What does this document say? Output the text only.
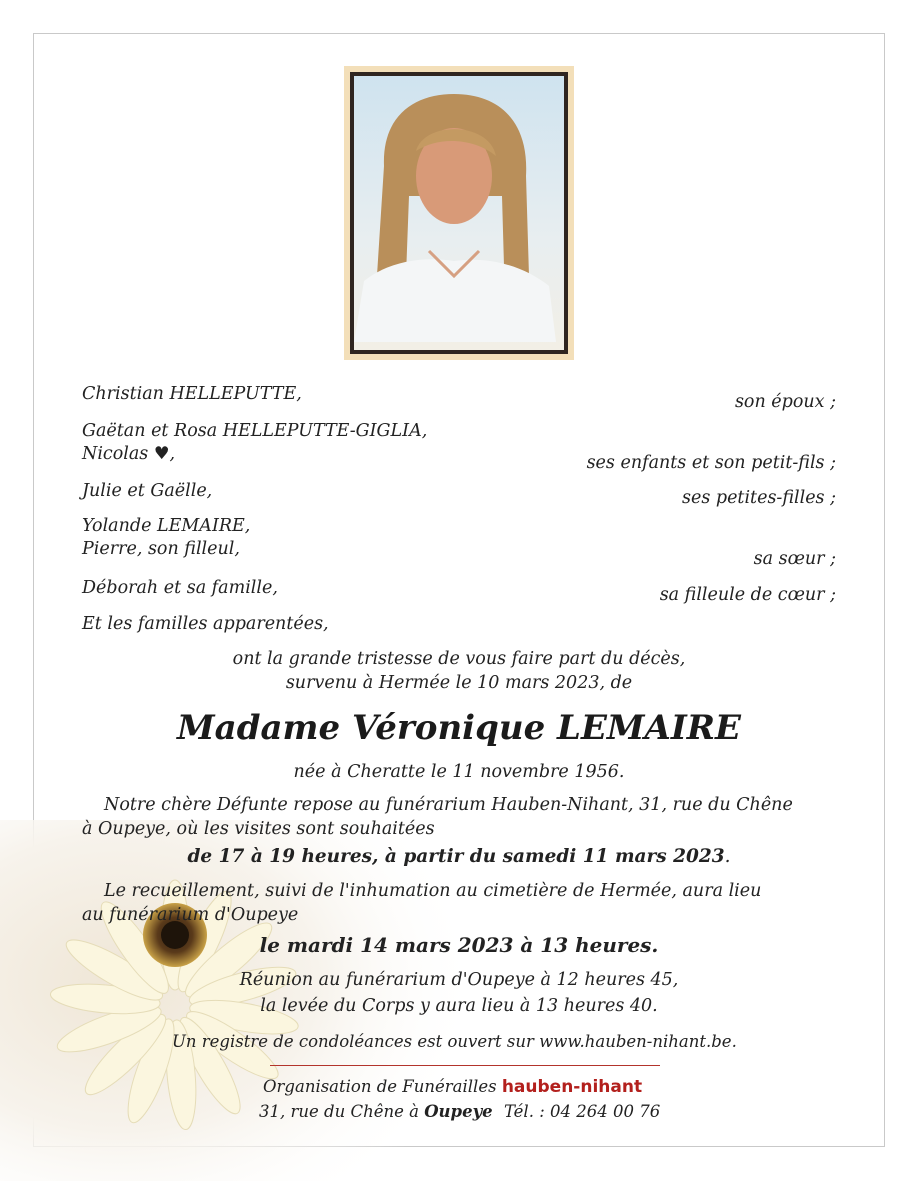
Christian HELLEPUTTE,	son époux ;
Gaëtan et Rosa HELLEPUTTE-GIGLIA,
Nicolas ♥,	ses enfants et son petit-fils ;
Julie et Gaëlle,	ses petites-filles ;
Yolande LEMAIRE,
Pierre, son filleul,	sa sœur ;
Déborah et sa famille,	sa filleule de cœur ;
Et les familles apparentées,
ont la grande tristesse de vous faire part du décès,
survenu à Hermée le 10 mars 2023, de
Madame Véronique LEMAIRE
née à Cheratte le 11 novembre 1956.
Notre chère Défunte repose au funérarium Hauben-Nihant, 31, rue du Chêne
à Oupeye, où les visites sont souhaitées
de 17 à 19 heures, à partir du samedi 11 mars 2023.
Le recueillement, suivi de l'inhumation au cimetière de Hermée, aura lieu
au funérarium d'Oupeye
le mardi 14 mars 2023 à 13 heures.
Réunion au funérarium d'Oupeye à 12 heures 45,
la levée du Corps y aura lieu à 13 heures 40.
Un registre de condoléances est ouvert sur www.hauben-nihant.be.
Organisation de Funérailles hauben-nihant
31, rue du Chêne à Oupeye Tél. : 04 264 00 76
